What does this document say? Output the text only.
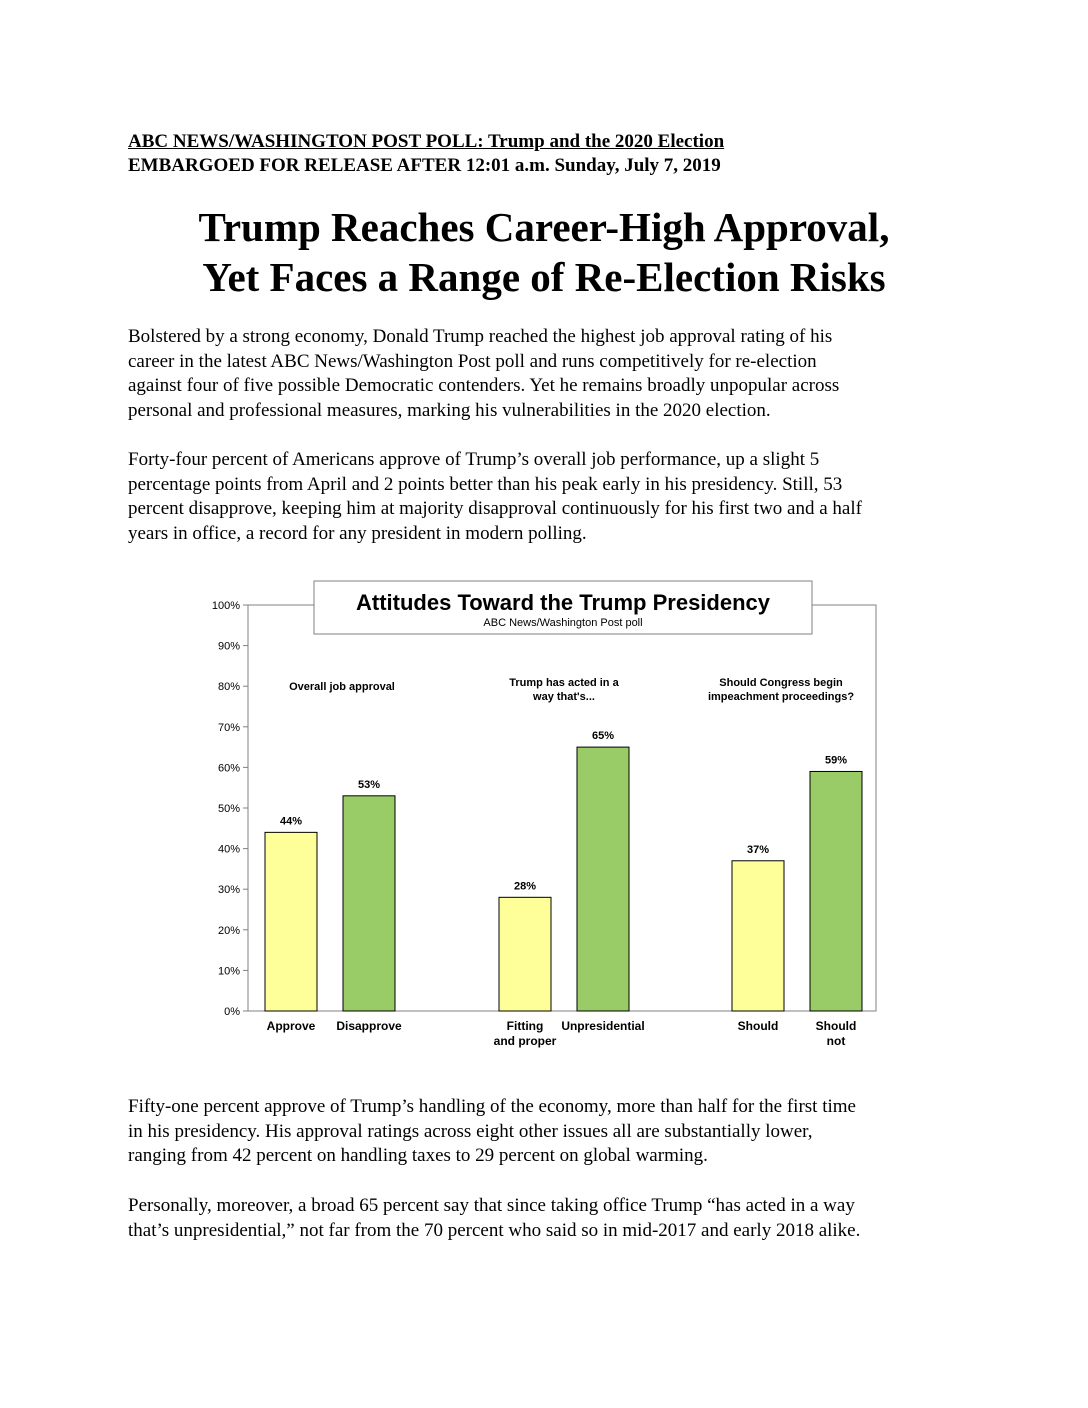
ABC NEWS/WASHINGTON POST POLL: Trump and the 2020 Election
EMBARGOED FOR RELEASE AFTER 12:01 a.m. Sunday, July 7, 2019
Trump Reaches Career-High Approval,
Yet Faces a Range of Re-Election Risks
Bolstered by a strong economy, Donald Trump reached the highest job approval rating of his
career in the latest ABC News/Washington Post poll and runs competitively for re-election
against four of five possible Democratic contenders. Yet he remains broadly unpopular across
personal and professional measures, marking his vulnerabilities in the 2020 election.
Forty-four percent of Americans approve of Trump’s overall job performance, up a slight 5
percentage points from April and 2 points better than his peak early in his presidency. Still, 53
percent disapprove, keeping him at majority disapproval continuously for his first two and a half
years in office, a record for any president in modern polling.
0%
10%
20%
30%
40%
50%
60%
70%
80%
90%
100%
Overall job approval
44%
Approve
53%
Disapprove
Trump has acted in a
way that's...
28%
Fitting
and proper
65%
Unpresidential
Should Congress begin
impeachment proceedings?
37%
Should
59%
Should
not
Attitudes Toward the Trump Presidency
ABC News/Washington Post poll
Fifty-one percent approve of Trump’s handling of the economy, more than half for the first time
in his presidency. His approval ratings across eight other issues all are substantially lower,
ranging from 42 percent on handling taxes to 29 percent on global warming.
Personally, moreover, a broad 65 percent say that since taking office Trump “has acted in a way
that’s unpresidential,” not far from the 70 percent who said so in mid-2017 and early 2018 alike.
